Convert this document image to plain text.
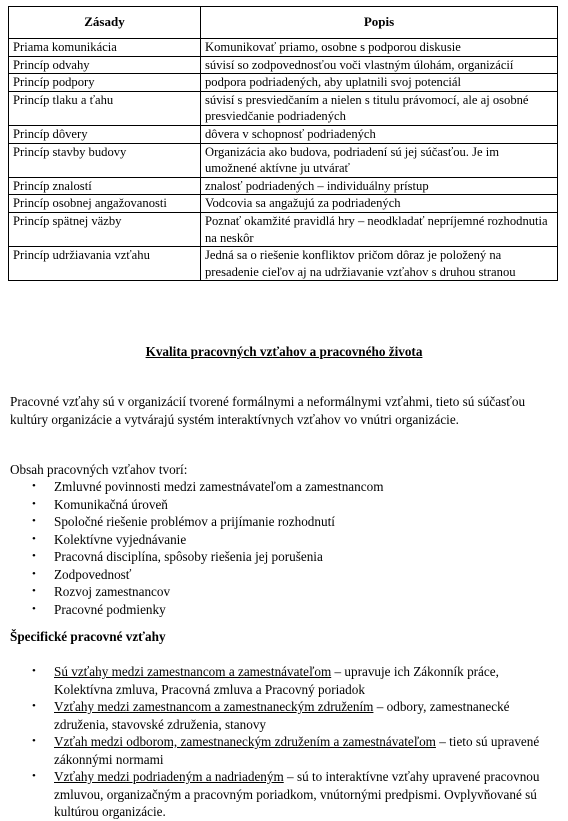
Zásady	Popis
Priama komunikácia	Komunikovať priamo, osobne s podporou diskusie
Princíp odvahy	súvisí so zodpovednosťou voči vlastným úlohám, organizácií
Princíp podpory	podpora podriadených, aby uplatnili svoj potenciál
Princíp tlaku a ťahu	súvisí s presviedčaním a nielen s titulu právomocí, ale aj osobné presviedčanie podriadených
Princíp dôvery	dôvera v schopnosť podriadených
Princíp stavby budovy	Organizácia ako budova, podriadení sú jej súčasťou. Je im umožnené aktívne ju utvárať
Princíp znalostí	znalosť podriadených – individuálny prístup
Princíp osobnej angažovanosti	Vodcovia sa angažujú za podriadených
Princíp spätnej väzby	Poznať okamžité pravidlá hry – neodkladať nepríjemné rozhodnutia na neskôr
Princíp udržiavania vzťahu	Jedná sa o riešenie konfliktov pričom dôraz je položený na presadenie cieľov aj na udržiavanie vzťahov s druhou stranou
Kvalita pracovných vzťahov a pracovného života

Pracovné vzťahy sú v organizácií tvorené formálnymi a neformálnymi vzťahmi, tieto sú súčasťou kultúry organizácie a vytvárajú systém interaktívnych vzťahov vo vnútri organizácie.

Obsah pracovných vzťahov tvorí:

• Zmluvné povinnosti medzi zamestnávateľom a zamestnancom
• Komunikačná úroveň
• Spoločné riešenie problémov a prijímanie rozhodnutí
• Kolektívne vyjednávanie
• Pracovná disciplína, spôsoby riešenia jej porušenia
• Zodpovednosť
• Rozvoj zamestnancov
• Pracovné podmienky
Špecifické pracovné vzťahy
• Sú vzťahy medzi zamestnancom a zamestnávateľom – upravuje ich Zákonník práce, Kolektívna zmluva, Pracovná zmluva a Pracovný poriadok
• Vzťahy medzi zamestnancom a zamestnaneckým združením – odbory, zamestnanecké združenia, stavovské združenia, stanovy
• Vzťah medzi odborom, zamestnaneckým združením a zamestnávateľom – tieto sú upravené zákonnými normami
• Vzťahy medzi podriadeným a nadriadeným – sú to interaktívne vzťahy upravené pracovnou zmluvou, organizačným a pracovným poriadkom, vnútornými predpismi. Ovplyvňované sú kultúrou organizácie.
